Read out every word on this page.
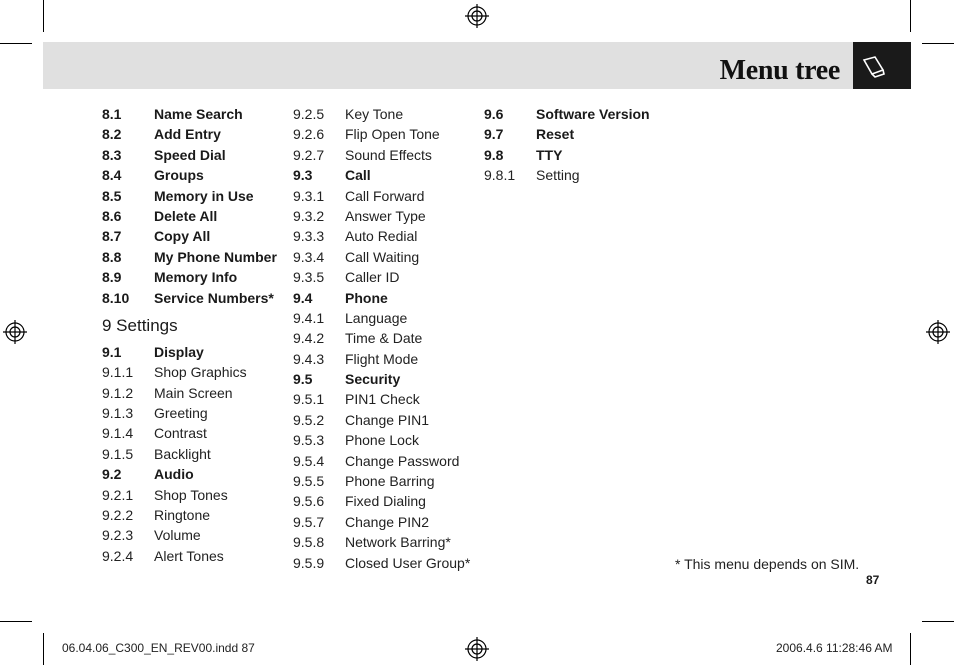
Menu tree
8.1 Name Search
8.2 Add Entry
8.3 Speed Dial
8.4 Groups
8.5 Memory in Use
8.6 Delete All
8.7 Copy All
8.8 My Phone Number
8.9 Memory Info
8.10 Service Numbers*
9 Settings
9.1 Display
9.1.1 Shop Graphics
9.1.2 Main Screen
9.1.3 Greeting
9.1.4 Contrast
9.1.5 Backlight
9.2 Audio
9.2.1 Shop Tones
9.2.2 Ringtone
9.2.3 Volume
9.2.4 Alert Tones
9.2.5 Key Tone
9.2.6 Flip Open Tone
9.2.7 Sound Effects
9.3 Call
9.3.1 Call Forward
9.3.2 Answer Type
9.3.3 Auto Redial
9.3.4 Call Waiting
9.3.5 Caller ID
9.4 Phone
9.4.1 Language
9.4.2 Time & Date
9.4.3 Flight Mode
9.5 Security
9.5.1 PIN1 Check
9.5.2 Change PIN1
9.5.3 Phone Lock
9.5.4 Change Password
9.5.5 Phone Barring
9.5.6 Fixed Dialing
9.5.7 Change PIN2
9.5.8 Network Barring*
9.5.9 Closed User Group*
9.6 Software Version
9.7 Reset
9.8 TTY
9.8.1 Setting
* This menu depends on SIM.
87
06.04.06_C300_EN_REV00.indd 87	2006.4.6 11:28:46 AM
